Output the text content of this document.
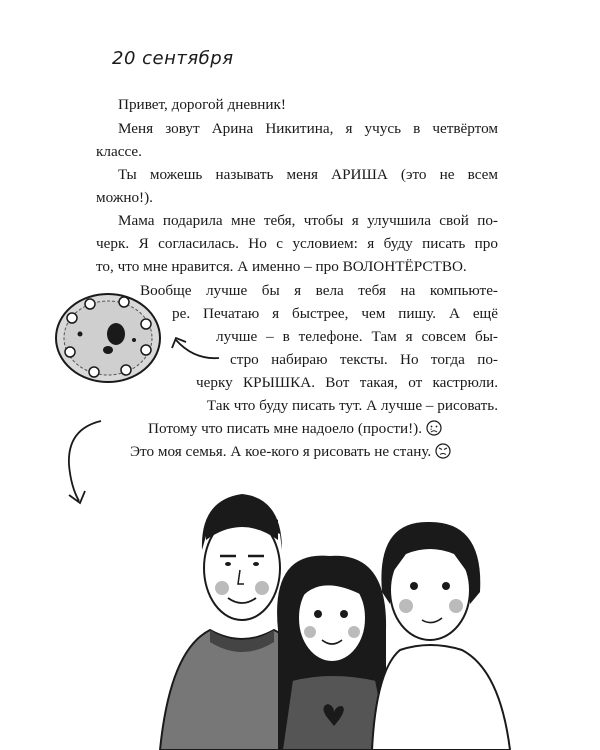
20 сентября
Привет, дорогой дневник!
Меня зовут Арина Никитина, я учусь в четвёртом
классе.
Ты можешь называть меня АРИША (это не всем
можно!).
Мама подарила мне тебя, чтобы я улучшила свой по-
черк. Я согласилась. Но с условием: я буду писать про
то, что мне нравится. А именно – про ВОЛОНТЁРСТВО.
Вообще лучше бы я вела тебя на компьюте-
ре. Печатаю я быстрее, чем пишу. А ещё
лучше – в телефоне. Там я совсем бы-
стро набираю тексты. Но тогда по-
черку КРЫШКА. Вот такая, от кастрюли.
Так что буду писать тут. А лучше – рисовать.
Потому что писать мне надоело (прости!).
Это моя семья. А кое-кого я рисовать не стану.
